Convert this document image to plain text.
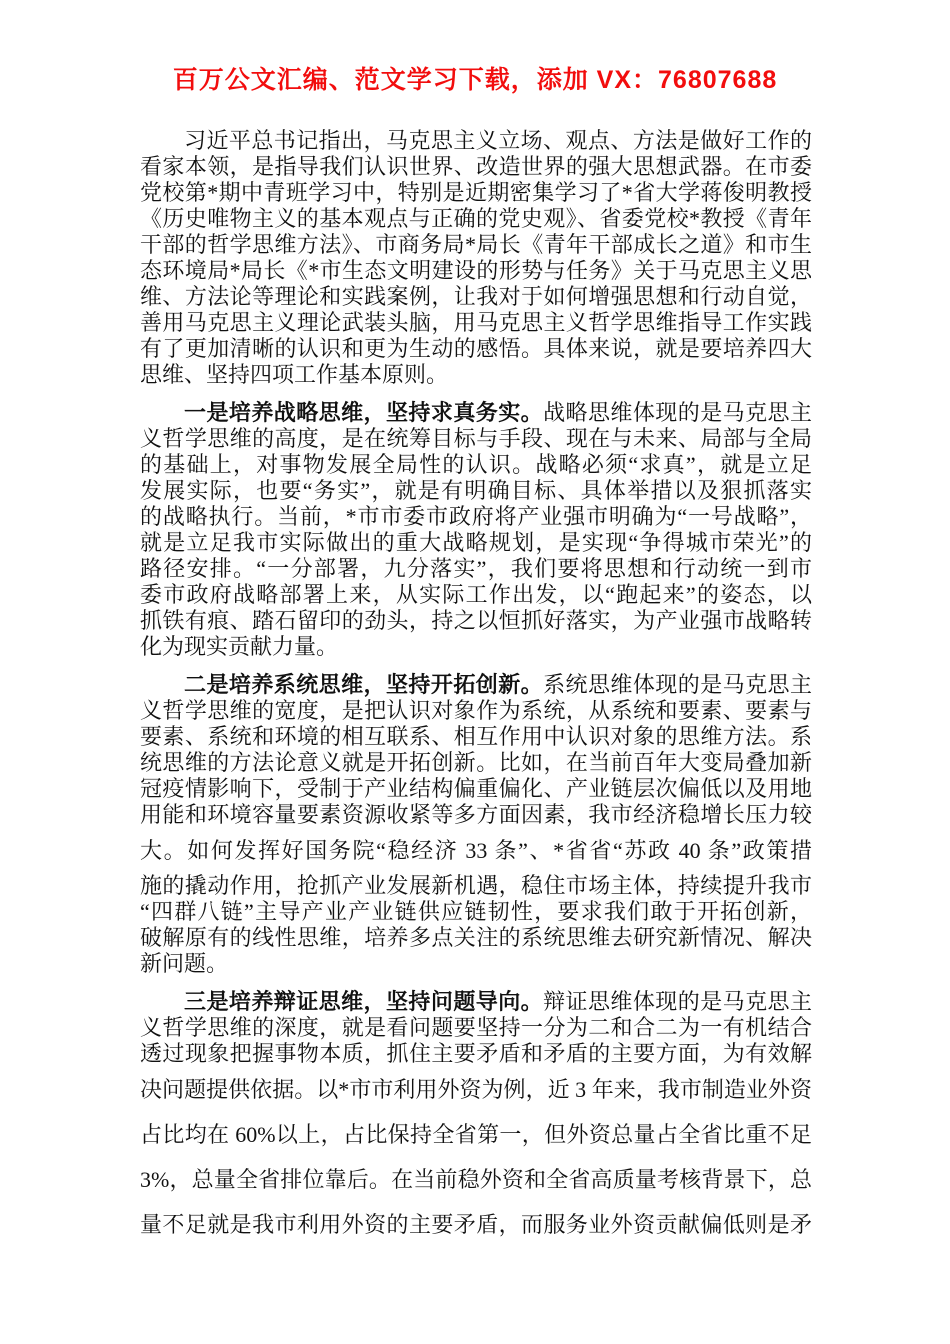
百万公文汇编、范文学习下载，添加 VX：76807688
习近平总书记指出，马克思主义立场、观点、方法是做好工作的
看家本领，是指导我们认识世界、改造世界的强大思想武器。在市委
党校第*期中青班学习中，特别是近期密集学习了*省大学蒋俊明教授
《历史唯物主义的基本观点与正确的党史观》、省委党校*教授《青年
干部的哲学思维方法》、市商务局*局长《青年干部成长之道》和市生
态环境局*局长《*市生态文明建设的形势与任务》关于马克思主义思
维、方法论等理论和实践案例，让我对于如何增强思想和行动自觉，
善用马克思主义理论武装头脑，用马克思主义哲学思维指导工作实践
有了更加清晰的认识和更为生动的感悟。具体来说，就是要培养四大
思维、坚持四项工作基本原则。
一是培养战略思维，坚持求真务实。战略思维体现的是马克思主
义哲学思维的高度，是在统筹目标与手段、现在与未来、局部与全局
的基础上，对事物发展全局性的认识。战略必须“求真”，就是立足
发展实际，也要“务实”，就是有明确目标、具体举措以及狠抓落实
的战略执行。当前，*市市委市政府将产业强市明确为“一号战略”，
就是立足我市实际做出的重大战略规划，是实现“争得城市荣光”的
路径安排。“一分部署，九分落实”，我们要将思想和行动统一到市
委市政府战略部署上来，从实际工作出发，以“跑起来”的姿态，以
抓铁有痕、踏石留印的劲头，持之以恒抓好落实，为产业强市战略转
化为现实贡献力量。
二是培养系统思维，坚持开拓创新。系统思维体现的是马克思主
义哲学思维的宽度，是把认识对象作为系统，从系统和要素、要素与
要素、系统和环境的相互联系、相互作用中认识对象的思维方法。系
统思维的方法论意义就是开拓创新。比如，在当前百年大变局叠加新
冠疫情影响下，受制于产业结构偏重偏化、产业链层次偏低以及用地
用能和环境容量要素资源收紧等多方面因素，我市经济稳增长压力较
大。如何发挥好国务院“稳经济 33 条”、*省省“苏政 40 条”政策措
施的撬动作用，抢抓产业发展新机遇，稳住市场主体，持续提升我市
“四群八链”主导产业产业链供应链韧性，要求我们敢于开拓创新，
破解原有的线性思维，培养多点关注的系统思维去研究新情况、解决
新问题。
三是培养辩证思维，坚持问题导向。辩证思维体现的是马克思主
义哲学思维的深度，就是看问题要坚持一分为二和合二为一有机结合
透过现象把握事物本质，抓住主要矛盾和矛盾的主要方面，为有效解
决问题提供依据。以*市市利用外资为例，近 3 年来，我市制造业外资
占比均在 60%以上，占比保持全省第一，但外资总量占全省比重不足
3%，总量全省排位靠后。在当前稳外资和全省高质量考核背景下，总
量不足就是我市利用外资的主要矛盾，而服务业外资贡献偏低则是矛
